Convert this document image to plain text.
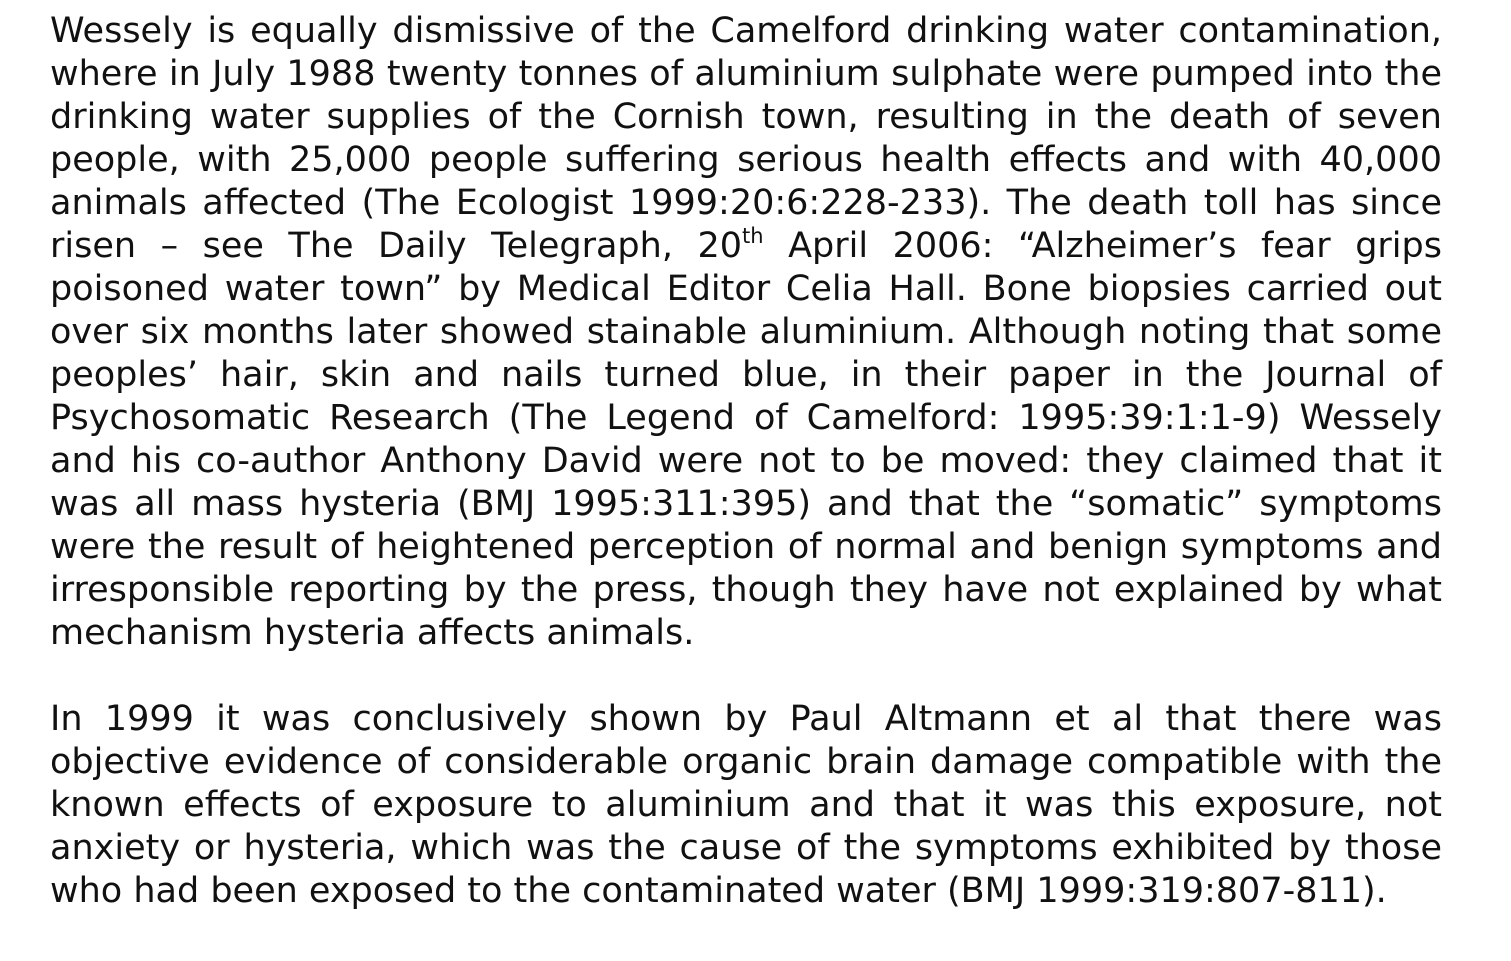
Wessely is equally dismissive of the Camelford drinking water contamination, where in July 1988 twenty tonnes of aluminium sulphate were pumped into the drinking water supplies of the Cornish town, resulting in the death of seven people, with 25,000 people suffering serious health effects and with 40,000 animals affected (The Ecologist 1999:20:6:228-233). The death toll has since risen – see The Daily Telegraph, 20th April 2006: “Alzheimer’s fear grips poisoned water town” by Medical Editor Celia Hall. Bone biopsies carried out over six months later showed stainable aluminium. Although noting that some peoples’ hair, skin and nails turned blue, in their paper in the Journal of Psychosomatic Research (The Legend of Camelford: 1995:39:1:1-9) Wessely and his co-author Anthony David were not to be moved: they claimed that it was all mass hysteria (BMJ 1995:311:395) and that the “somatic” symptoms were the result of heightened perception of normal and benign symptoms and irresponsible reporting by the press, though they have not explained by what mechanism hysteria affects animals.

In 1999 it was conclusively shown by Paul Altmann et al that there was objective evidence of considerable organic brain damage compatible with the known effects of exposure to aluminium and that it was this exposure, not anxiety or hysteria, which was the cause of the symptoms exhibited by those who had been exposed to the contaminated water (BMJ 1999:319:807-811).
